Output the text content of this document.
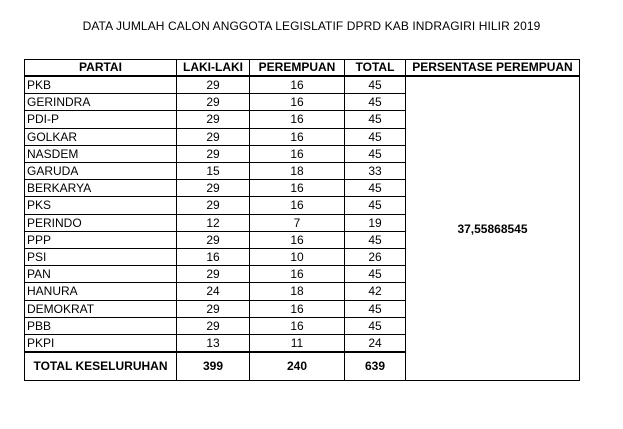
DATA JUMLAH CALON ANGGOTA LEGISLATIF DPRD KAB INDRAGIRI HILIR 2019
PARTAI	LAKI-LAKI	PEREMPUAN	TOTAL	PERSENTASE PEREMPUAN
PKB	29	16	45	37,55868545
GERINDRA	29	16	45	
PDI-P	29	16	45	
GOLKAR	29	16	45	
NASDEM	29	16	45	
GARUDA	15	18	33	
BERKARYA	29	16	45	
PKS	29	16	45	
PERINDO	12	7	19	
PPP	29	16	45	
PSI	16	10	26	
PAN	29	16	45	
HANURA	24	18	42	
DEMOKRAT	29	16	45	
PBB	29	16	45	
PKPI	13	11	24	
TOTAL KESELURUHAN	399	240	639	
